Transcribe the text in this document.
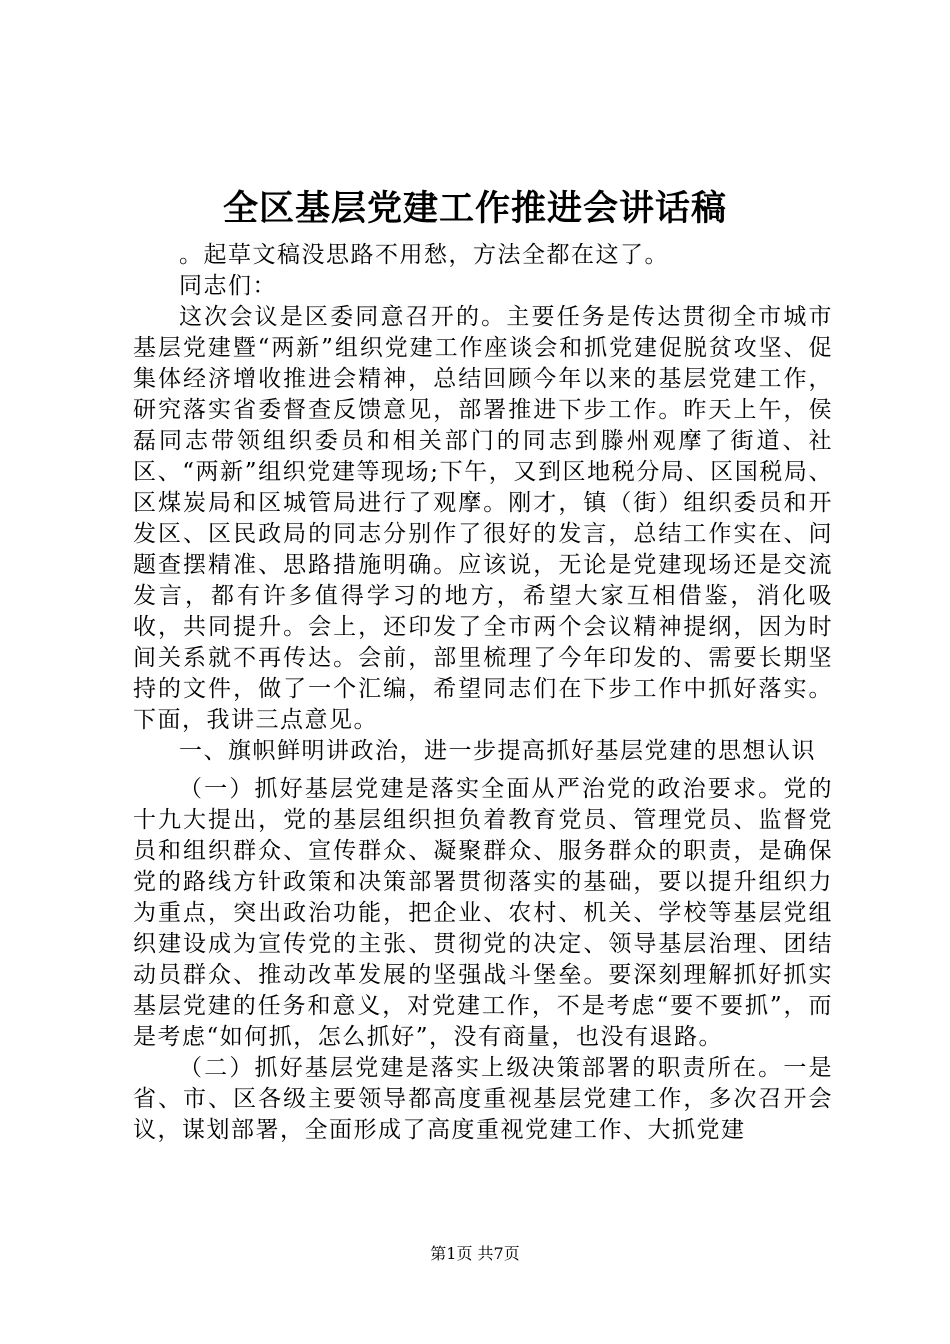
全区基层党建工作推进会讲话稿

。起草文稿没思路不用愁，方法全都在这了。

同志们：

这次会议是区委同意召开的。主要任务是传达贯彻全市城市基层党建暨“两新”组织党建工作座谈会和抓党建促脱贫攻坚、促集体经济增收推进会精神，总结回顾今年以来的基层党建工作，研究落实省委督查反馈意见，部署推进下步工作。昨天上午，侯磊同志带领组织委员和相关部门的同志到滕州观摩了街道、社区、“两新”组织党建等现场;下午，又到区地税分局、区国税局、区煤炭局和区城管局进行了观摩。刚才，镇（街）组织委员和开发区、区民政局的同志分别作了很好的发言，总结工作实在、问题查摆精准、思路措施明确。应该说，无论是党建现场还是交流发言，都有许多值得学习的地方，希望大家互相借鉴，消化吸收，共同提升。会上，还印发了全市两个会议精神提纲，因为时间关系就不再传达。会前，部里梳理了今年印发的、需要长期坚持的文件，做了一个汇编，希望同志们在下步工作中抓好落实。下面，我讲三点意见。

一、旗帜鲜明讲政治，进一步提高抓好基层党建的思想认识

（一）抓好基层党建是落实全面从严治党的政治要求。党的十九大提出，党的基层组织担负着教育党员、管理党员、监督党员和组织群众、宣传群众、凝聚群众、服务群众的职责，是确保党的路线方针政策和决策部署贯彻落实的基础，要以提升组织力为重点，突出政治功能，把企业、农村、机关、学校等基层党组织建设成为宣传党的主张、贯彻党的决定、领导基层治理、团结动员群众、推动改革发展的坚强战斗堡垒。要深刻理解抓好抓实基层党建的任务和意义，对党建工作，不是考虑“要不要抓”，而是考虑“如何抓，怎么抓好”，没有商量，也没有退路。

（二）抓好基层党建是落实上级决策部署的职责所在。一是省、市、区各级主要领导都高度重视基层党建工作，多次召开会议，谋划部署，全面形成了高度重视党建工作、大抓党建

第1页 共7页
